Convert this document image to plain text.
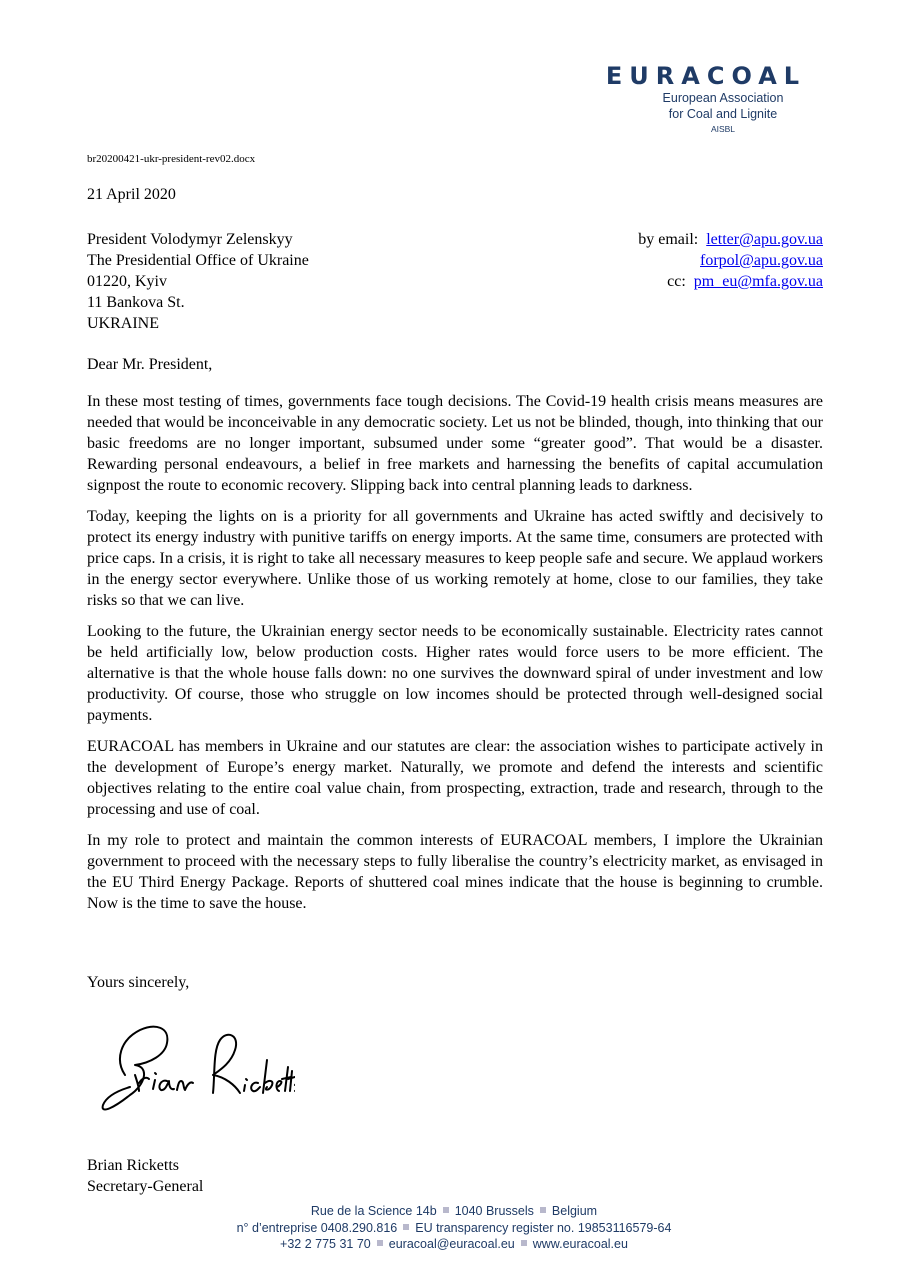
EURACOAL
European Association
for Coal and Lignite
AISBL
br20200421-ukr-president-rev02.docx
21 April 2020
President Volodymyr Zelenskyy
The Presidential Office of Ukraine
01220, Kyiv
11 Bankova St.
UKRAINE
by email: letter@apu.gov.ua
forpol@apu.gov.ua
cc: pm_eu@mfa.gov.ua
Dear Mr. President,

In these most testing of times, governments face tough decisions. The Covid-19 health crisis means measures are needed that would be inconceivable in any democratic society. Let us not be blinded, though, into thinking that our basic freedoms are no longer important, subsumed under some “greater good”. That would be a disaster. Rewarding personal endeavours, a belief in free markets and harnessing the benefits of capital accumulation signpost the route to economic recovery. Slipping back into central planning leads to darkness.

Today, keeping the lights on is a priority for all governments and Ukraine has acted swiftly and decisively to protect its energy industry with punitive tariffs on energy imports. At the same time, consumers are protected with price caps. In a crisis, it is right to take all necessary measures to keep people safe and secure. We applaud workers in the energy sector everywhere. Unlike those of us working remotely at home, close to our families, they take risks so that we can live.

Looking to the future, the Ukrainian energy sector needs to be economically sustainable. Electricity rates cannot be held artificially low, below production costs. Higher rates would force users to be more efficient. The alternative is that the whole house falls down: no one survives the downward spiral of under investment and low productivity. Of course, those who struggle on low incomes should be protected through well-designed social payments.

EURACOAL has members in Ukraine and our statutes are clear: the association wishes to participate actively in the development of Europe’s energy market. Naturally, we promote and defend the interests and scientific objectives relating to the entire coal value chain, from prospecting, extraction, trade and research, through to the processing and use of coal.

In my role to protect and maintain the common interests of EURACOAL members, I implore the Ukrainian government to proceed with the necessary steps to fully liberalise the country’s electricity market, as envisaged in the EU Third Energy Package. Reports of shuttered coal mines indicate that the house is beginning to crumble. Now is the time to save the house.

Yours sincerely,
Brian Ricketts
Secretary-General
Rue de la Science 14b 1040 Brussels Belgium
n° d’entreprise 0408.290.816 EU transparency register no. 19853116579-64
+32 2 775 31 70 euracoal@euracoal.eu www.euracoal.eu
